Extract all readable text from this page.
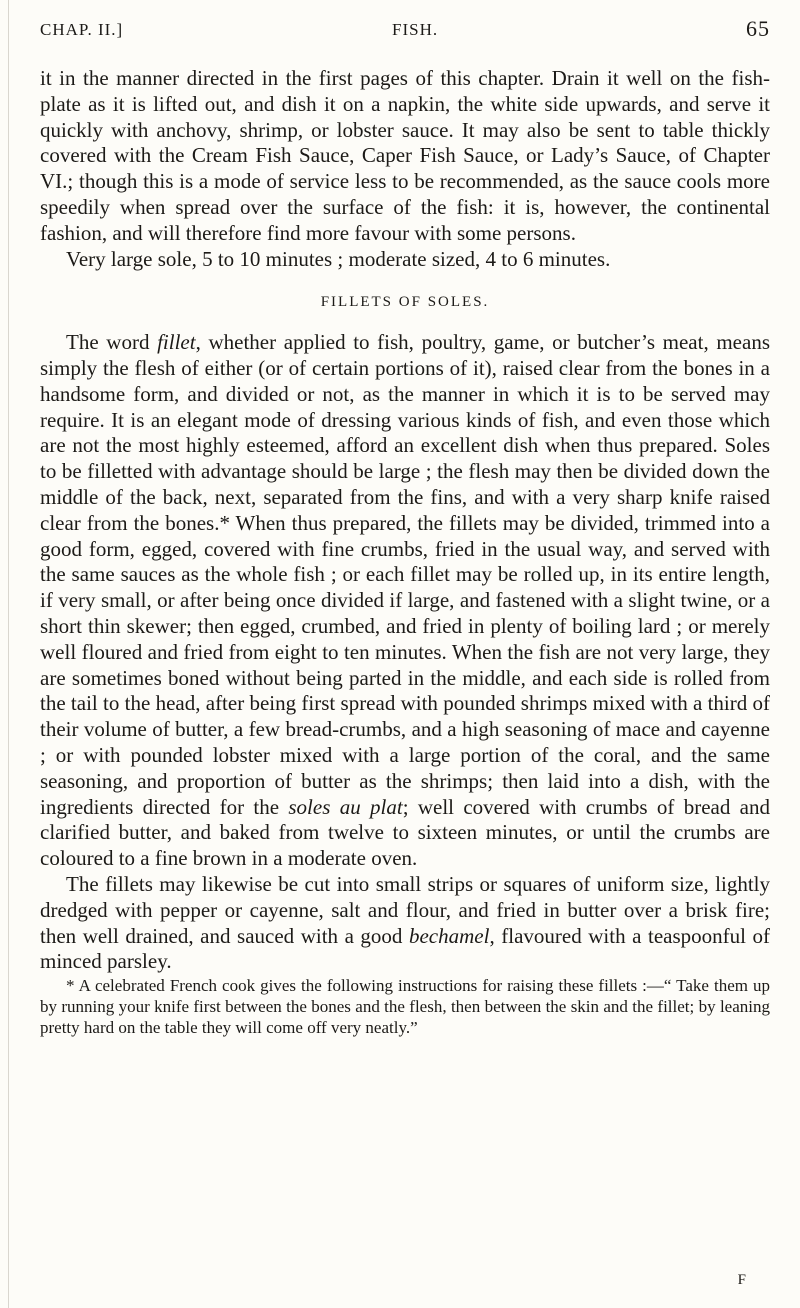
CHAP. II.]	FISH.	65

it in the manner directed in the first pages of this chapter. Drain it well on the fish-plate as it is lifted out, and dish it on a napkin, the white side upwards, and serve it quickly with anchovy, shrimp, or lobster sauce. It may also be sent to table thickly covered with the Cream Fish Sauce, Caper Fish Sauce, or Lady’s Sauce, of Chapter VI.; though this is a mode of service less to be recommended, as the sauce cools more speedily when spread over the surface of the fish: it is, however, the continental fashion, and will therefore find more favour with some persons.

Very large sole, 5 to 10 minutes ; moderate sized, 4 to 6 minutes.

FILLETS OF SOLES.

The word fillet, whether applied to fish, poultry, game, or butcher’s meat, means simply the flesh of either (or of certain portions of it), raised clear from the bones in a handsome form, and divided or not, as the manner in which it is to be served may require. It is an elegant mode of dressing various kinds of fish, and even those which are not the most highly esteemed, afford an excellent dish when thus prepared. Soles to be filletted with advantage should be large ; the flesh may then be divided down the middle of the back, next, separated from the fins, and with a very sharp knife raised clear from the bones.* When thus prepared, the fillets may be divided, trimmed into a good form, egged, covered with fine crumbs, fried in the usual way, and served with the same sauces as the whole fish ; or each fillet may be rolled up, in its entire length, if very small, or after being once divided if large, and fastened with a slight twine, or a short thin skewer; then egged, crumbed, and fried in plenty of boiling lard ; or merely well floured and fried from eight to ten minutes. When the fish are not very large, they are sometimes boned without being parted in the middle, and each side is rolled from the tail to the head, after being first spread with pounded shrimps mixed with a third of their volume of butter, a few bread-crumbs, and a high seasoning of mace and cayenne ; or with pounded lobster mixed with a large portion of the coral, and the same seasoning, and proportion of butter as the shrimps; then laid into a dish, with the ingredients directed for the soles au plat; well covered with crumbs of bread and clarified butter, and baked from twelve to sixteen minutes, or until the crumbs are coloured to a fine brown in a moderate oven.

The fillets may likewise be cut into small strips or squares of uniform size, lightly dredged with pepper or cayenne, salt and flour, and fried in butter over a brisk fire; then well drained, and sauced with a good bechamel, flavoured with a teaspoonful of minced parsley.

* A celebrated French cook gives the following instructions for raising these fillets :—“ Take them up by running your knife first between the bones and the flesh, then between the skin and the fillet; by leaning pretty hard on the table they will come off very neatly.”

F
